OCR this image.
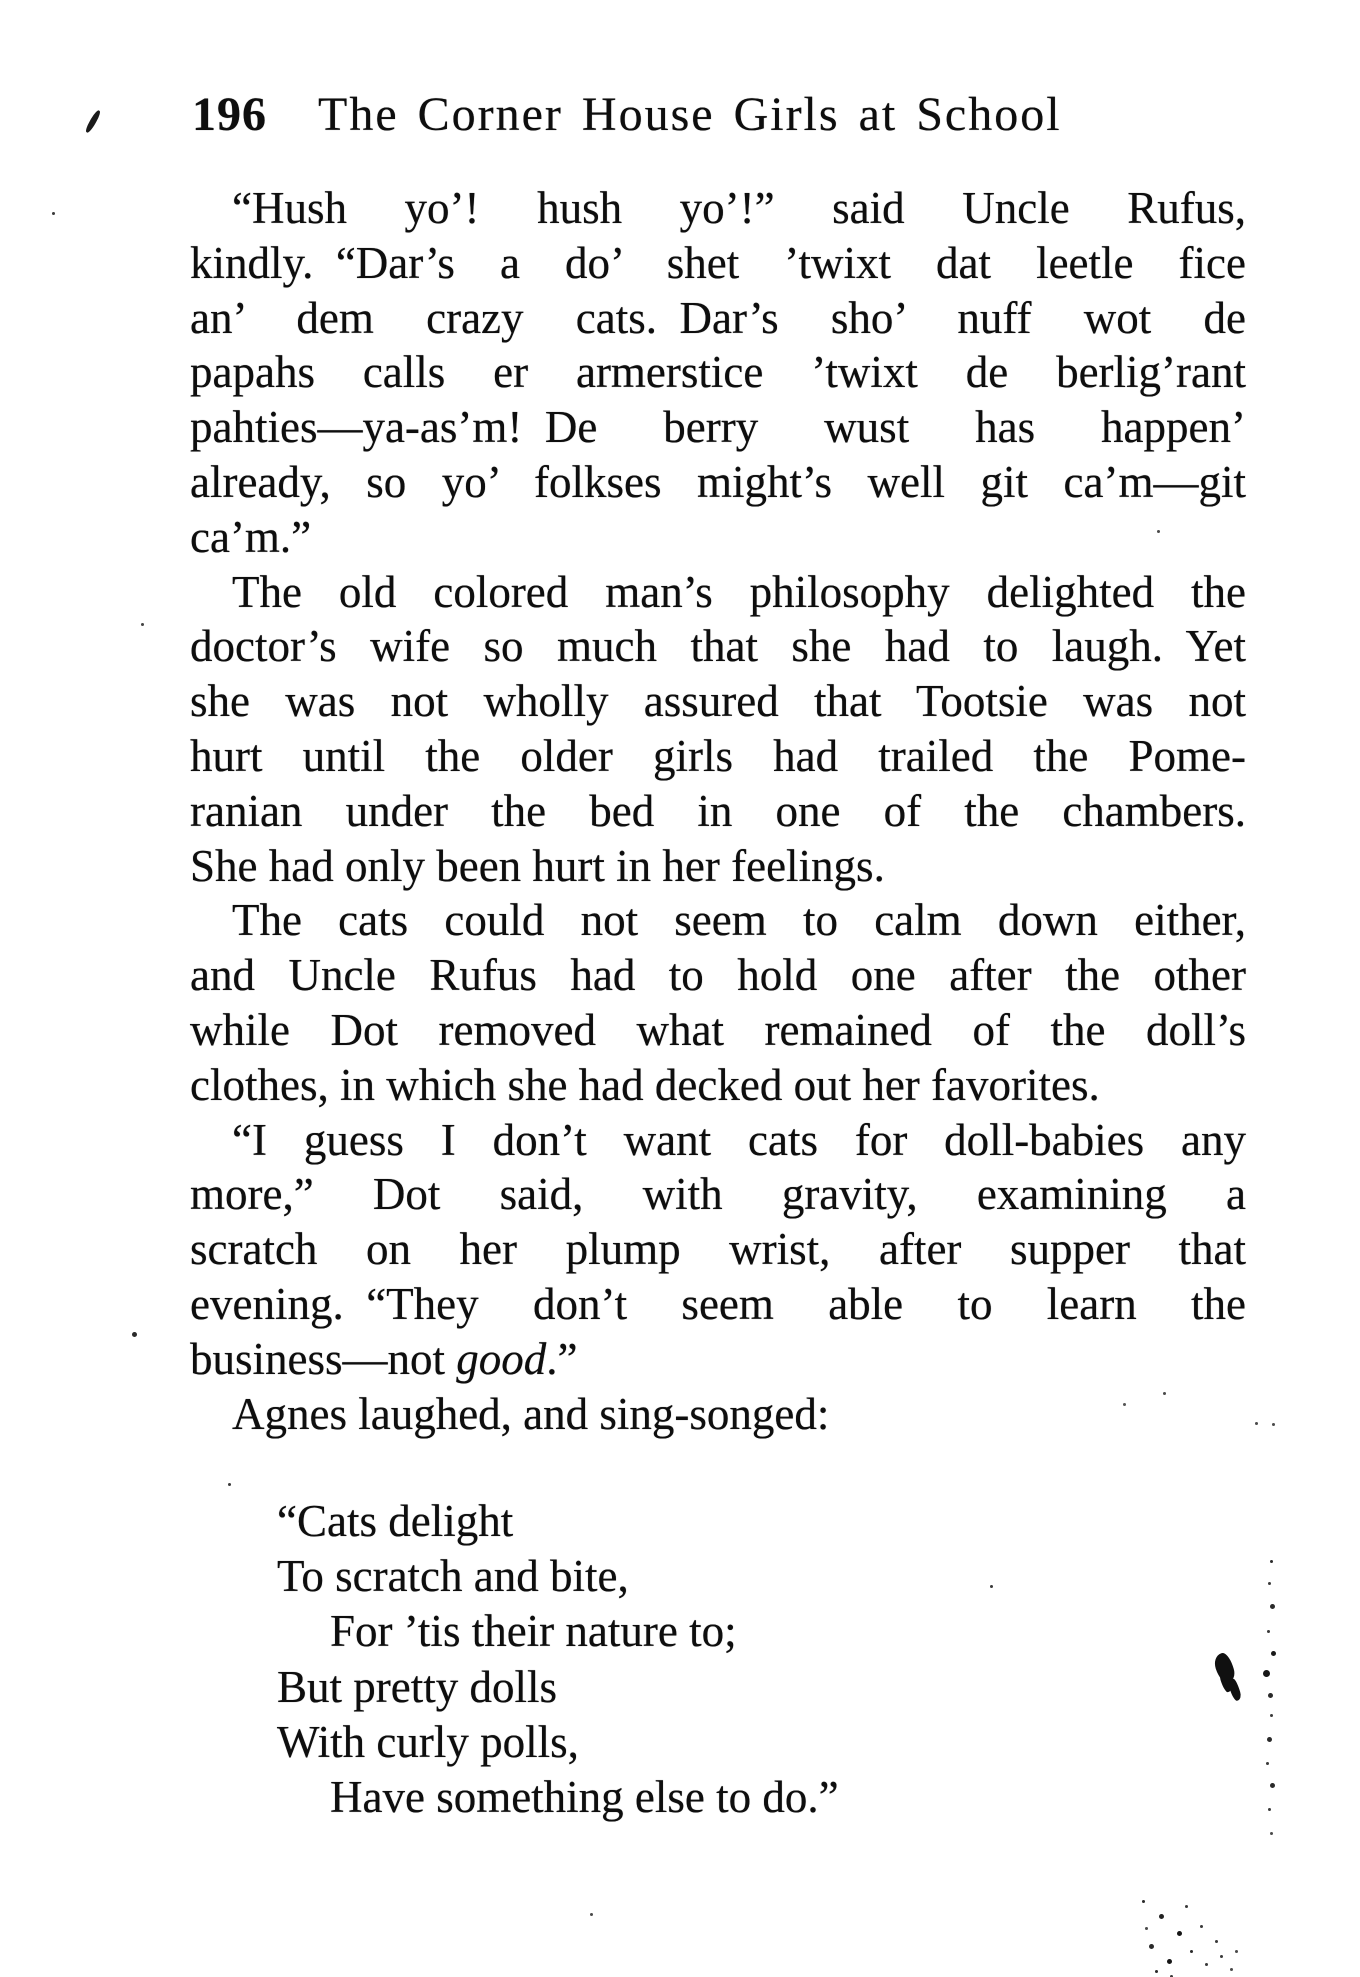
196 The Corner House Girls at School

“Hush yo’! hush yo’!” said Uncle Rufus,
kindly. “Dar’s a do’ shet ’twixt dat leetle fice
an’ dem crazy cats. Dar’s sho’ nuff wot de
papahs calls er armerstice ’twixt de berlig’rant
pahties—ya-as’m! De berry wust has happen’
already, so yo’ folkses might’s well git ca’m—git
ca’m.”

The old colored man’s philosophy delighted the
doctor’s wife so much that she had to laugh. Yet
she was not wholly assured that Tootsie was not
hurt until the older girls had trailed the Pome-
ranian under the bed in one of the chambers.
She had only been hurt in her feelings.

The cats could not seem to calm down either,
and Uncle Rufus had to hold one after the other
while Dot removed what remained of the doll’s
clothes, in which she had decked out her favorites.

“I guess I don’t want cats for doll-babies any
more,” Dot said, with gravity, examining a
scratch on her plump wrist, after supper that
evening. “They don’t seem able to learn the
business—not good.”

Agnes laughed, and sing-songed:

“Cats delight
To scratch and bite,
For ’tis their nature to;
But pretty dolls
With curly polls,
Have something else to do.”
